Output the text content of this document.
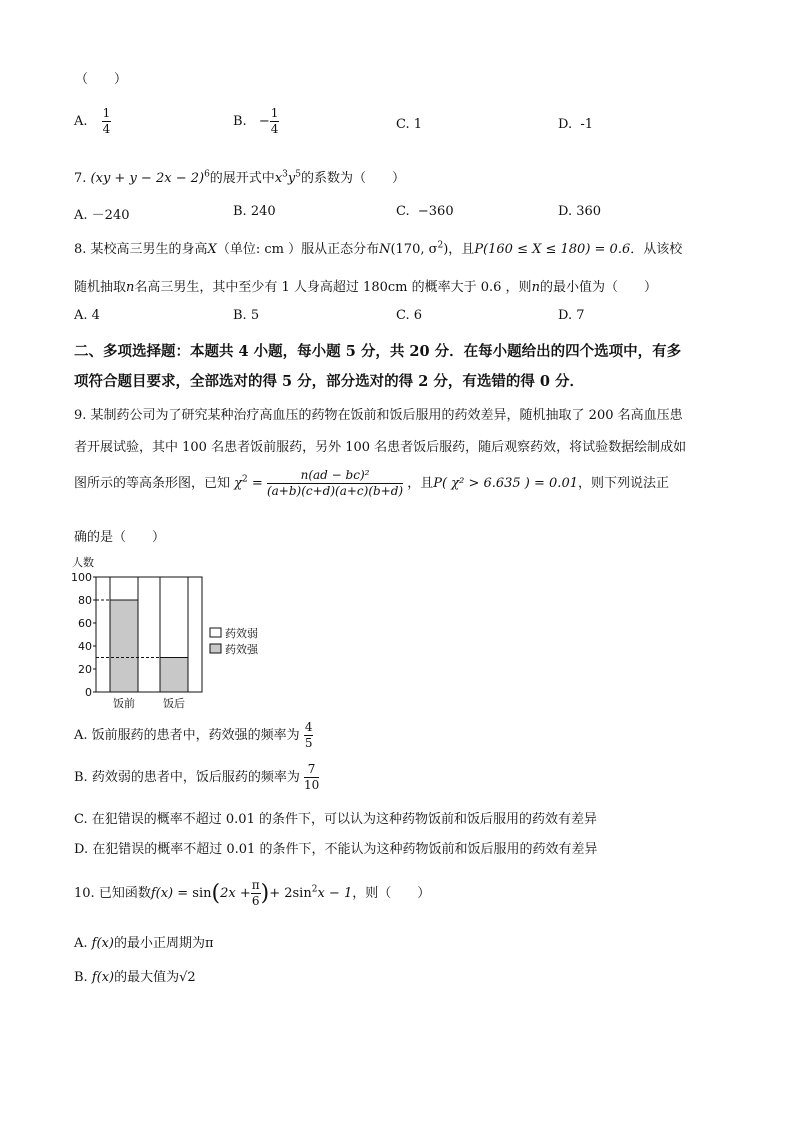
（　　）
A. $\frac{1}{4}$	B. − $\frac{1}{4}$	C. 1	D. -1
7. (xy + y − 2x − 2)$^6$的展开式中$x^3y^5$的系数为（　　）
A. －240	B. 240	C. −360	D. 360
8. 某校高三男生的身高X（单位: cm ）服从正态分布N(170, $\sigma^2$)，且P(160 ≤ X ≤ 180) = 0.6．从该校
随机抽取n名高三男生，其中至少有 1 人身高超过 180cm 的概率大于 0.6 ，则n的最小值为（　　）
A. 4	B. 5	C. 6	D. 7
二、多项选择题：本题共 4 小题，每小题 5 分，共 20 分．在每小题给出的四个选项中，有多
项符合题目要求，全部选对的得 5 分，部分选对的得 2 分，有选错的得 0 分．
9. 某制药公司为了研究某种治疗高血压的药物在饭前和饭后服用的药效差异，随机抽取了 200 名高血压患
者开展试验，其中 100 名患者饭前服药，另外 100 名患者饭后服药，随后观察药效，将试验数据绘制成如
图所示的等高条形图，已知 $\chi^2 = \frac{\text{n(ad − bc)²}}{(a+b)(c+d)(a+c)(b+d)}$ ，且P( χ² > 6.635 ) = 0.01，则下列说法正
确的是（　　）
人数
0
20
40
60
80
100
饭前	饭后
药效弱
药效强
A. 饭前服药的患者中，药效强的频率为 $\frac{4}{5}$
B. 药效弱的患者中，饭后服药的频率为 $\frac{7}{10}$
C. 在犯错误的概率不超过 0.01 的条件下，可以认为这种药物饭前和饭后服用的药效有差异
D. 在犯错误的概率不超过 0.01 的条件下，不能认为这种药物饭前和饭后服用的药效有差异
10. 已知函数$f(x) = \sin(2x + \frac{\pi}{6}$ )+ $2\sin^2x - 1$，则（　　）
A. f(x)的最小正周期为π
B. f(x)的最大值为√2
